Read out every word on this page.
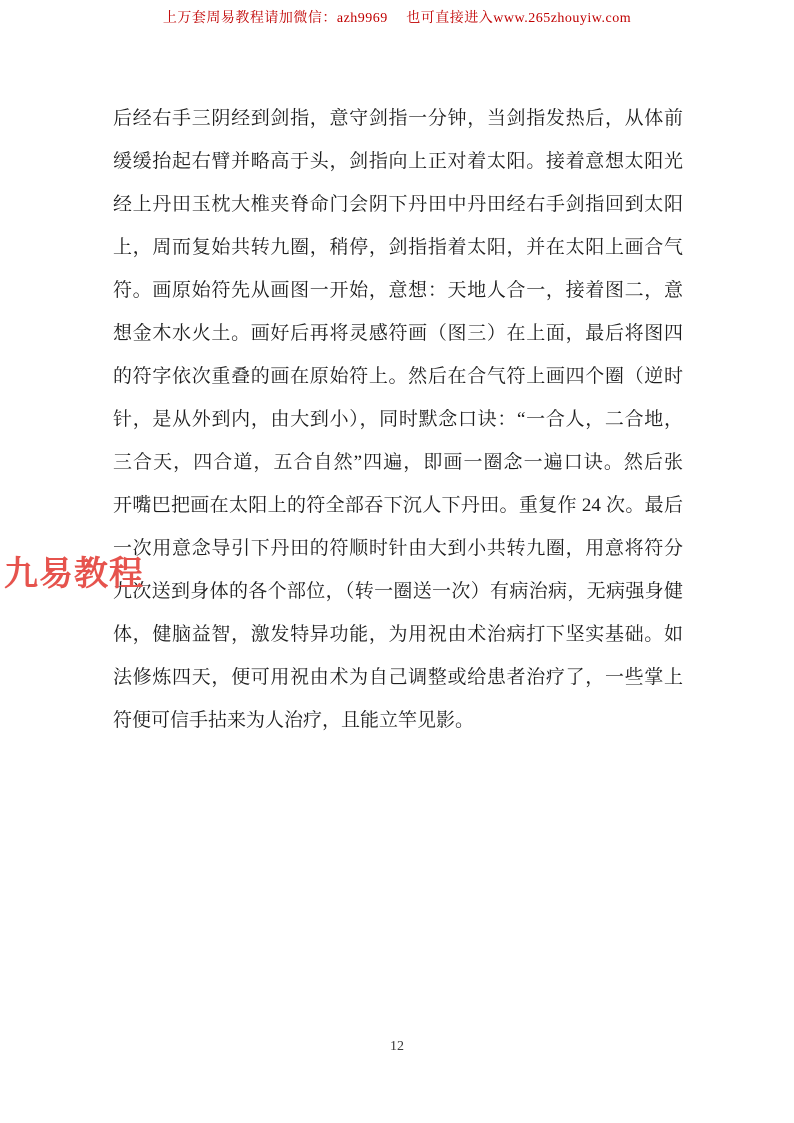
上万套周易教程请加微信：azh9969　 也可直接进入www.265zhouyiw.com
后经右手三阴经到剑指，意守剑指一分钟，当剑指发热后，从体前
缓缓抬起右臂并略高于头，剑指向上正对着太阳。接着意想太阳光
经上丹田玉枕大椎夹脊命门会阴下丹田中丹田经右手剑指回到太阳
上，周而复始共转九圈，稍停，剑指指着太阳，并在太阳上画合气
符。画原始符先从画图一开始，意想：天地人合一，接着图二，意
想金木水火土。画好后再将灵感符画（图三）在上面，最后将图四
的符字依次重叠的画在原始符上。然后在合气符上画四个圈（逆时
针，是从外到内，由大到小），同时默念口诀：“一合人，二合地，
三合天，四合道，五合自然”四遍，即画一圈念一遍口诀。然后张
开嘴巴把画在太阳上的符全部吞下沉人下丹田。重复作 24 次。最后
一次用意念导引下丹田的符顺时针由大到小共转九圈，用意将符分
九次送到身体的各个部位，（转一圈送一次）有病治病，无病强身健
体，健脑益智，激发特异功能，为用祝由术治病打下坚实基础。如
法修炼四天，便可用祝由术为自己调整或给患者治疗了，一些掌上
符便可信手拈来为人治疗，且能立竿见影。
九易教程
12
